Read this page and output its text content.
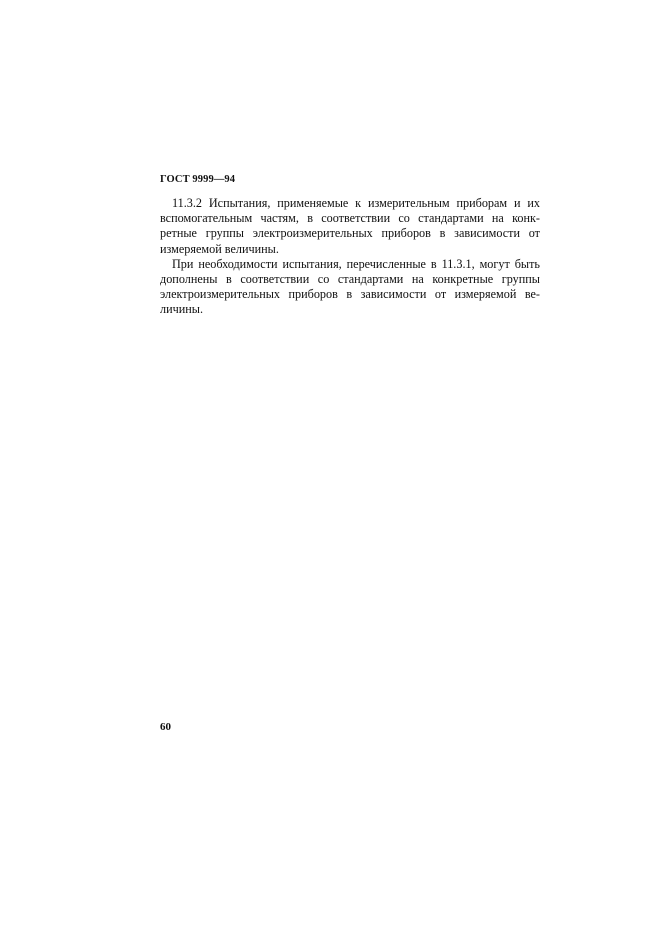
ГОСТ 9999—94
11.3.2 Испытания, применяемые к измерительным приборам и их
вспомогательным частям, в соответствии со стандартами на конк-
ретные группы электроизмерительных приборов в зависимости от
измеряемой величины.
При необходимости испытания, перечисленные в 11.3.1, могут быть
дополнены в соответствии со стандартами на конкретные группы
электроизмерительных приборов в зависимости от измеряемой ве-
личины.
60
